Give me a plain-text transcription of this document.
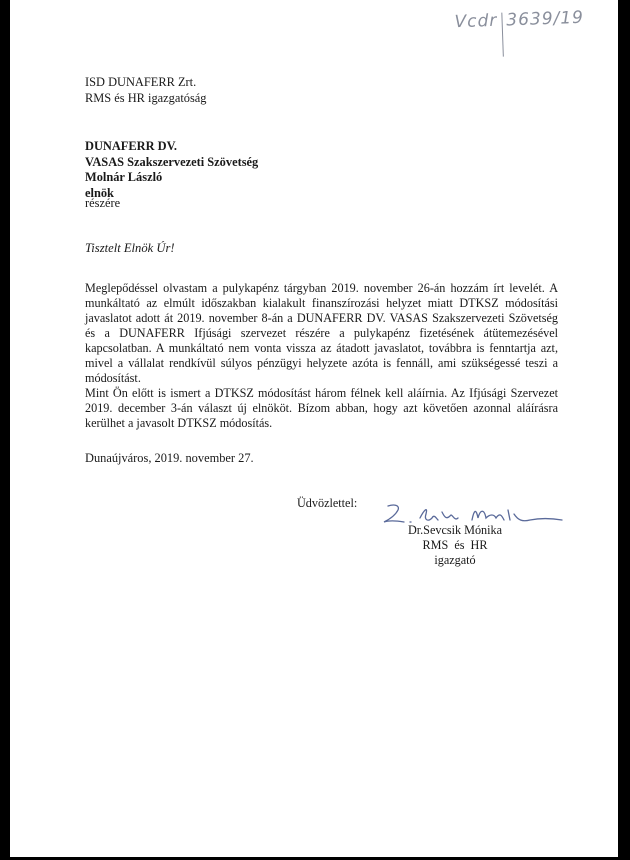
Vcdr 3639/19
ISD DUNAFERR Zrt.
RMS és HR igazgatóság
DUNAFERR DV.
VASAS Szakszervezeti Szövetség
Molnár László
elnök
részére
Tisztelt Elnök Úr!

Meglepődéssel olvastam a pulykapénz tárgyban 2019. november 26-án hozzám írt levelét. A munkáltató az elmúlt időszakban kialakult finanszírozási helyzet miatt DTKSZ módosítási javaslatot adott át 2019. november 8-án a DUNAFERR DV. VASAS Szakszervezeti Szövetség és a DUNAFERR Ifjúsági szervezet részére a pulykapénz fizetésének átütemezésével kapcsolatban. A munkáltató nem vonta vissza az átadott javaslatot, továbbra is fenntartja azt, mivel a vállalat rendkívül súlyos pénzügyi helyzete azóta is fennáll, ami szükségessé teszi a módosítást.

Mint Ön előtt is ismert a DTKSZ módosítást három félnek kell aláírnia. Az Ifjúsági Szervezet 2019. december 3-án választ új elnököt. Bízom abban, hogy azt követően azonnal aláírásra kerülhet a javasolt DTKSZ módosítás.

Dunaújváros, 2019. november 27.
Üdvözlettel:
Dr.Sevcsik Mónika
RMS és HR igazgató
